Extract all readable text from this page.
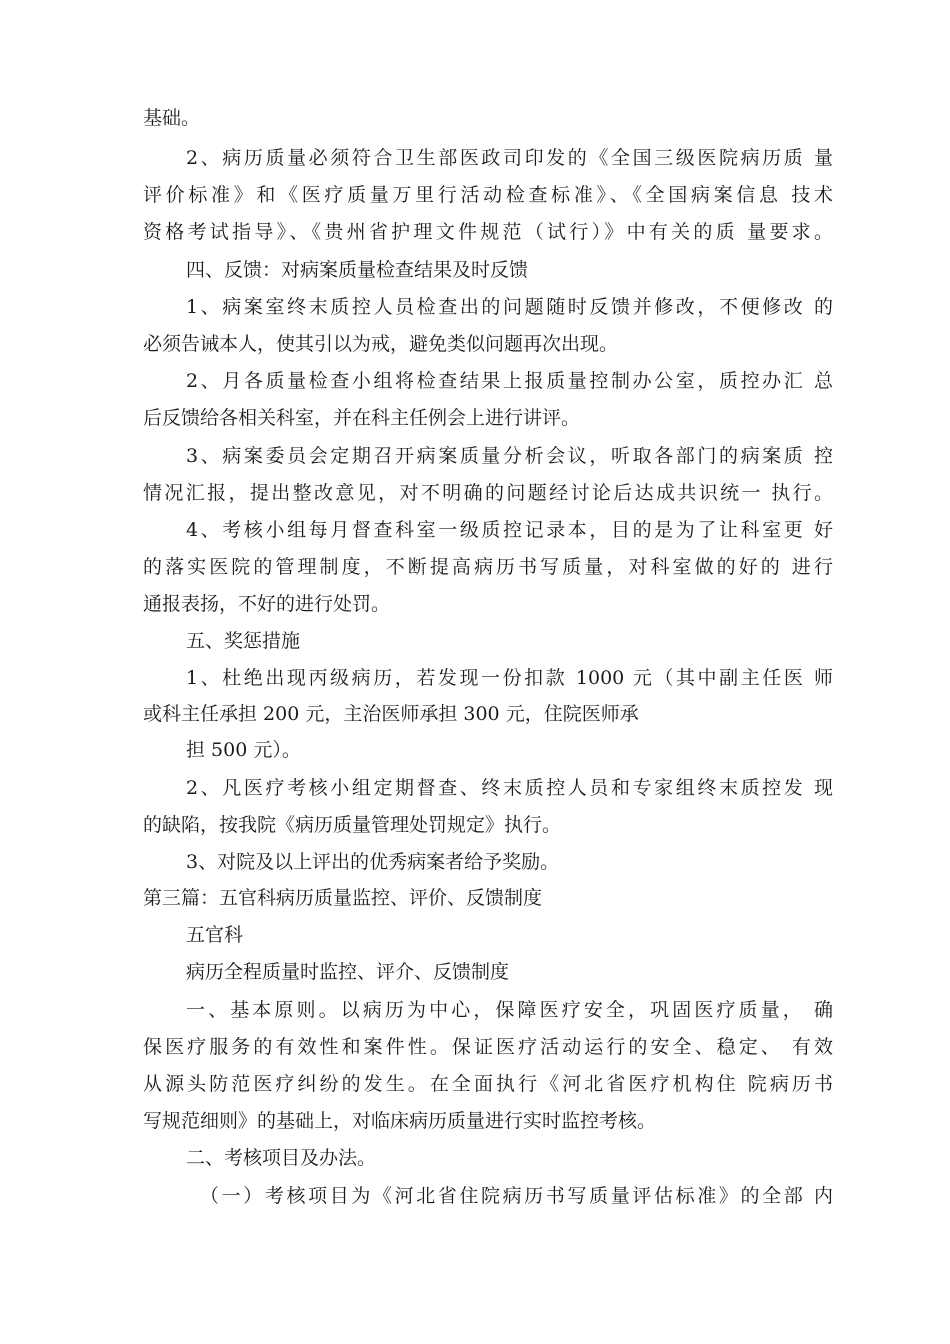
基础。
2、病历质量必须符合卫生部医政司印发的《全国三级医院病历质 量
评价标准》和《医疗质量万里行活动检查标准》、《全国病案信息 技术
资格考试指导》、《贵州省护理文件规范（试行）》中有关的质 量要求。
四、反馈：对病案质量检查结果及时反馈
1、病案室终末质控人员检查出的问题随时反馈并修改，不便修改 的
必须告诫本人，使其引以为戒，避免类似问题再次出现。
2、月各质量检查小组将检查结果上报质量控制办公室，质控办汇 总
后反馈给各相关科室，并在科主任例会上进行讲评。
3、病案委员会定期召开病案质量分析会议，听取各部门的病案质 控
情况汇报，提出整改意见，对不明确的问题经讨论后达成共识统一 执行。
4、考核小组每月督查科室一级质控记录本，目的是为了让科室更 好
的落实医院的管理制度，不断提高病历书写质量，对科室做的好的 进行
通报表扬，不好的进行处罚。
五、奖惩措施
1、杜绝出现丙级病历，若发现一份扣款 1000 元（其中副主任医 师
或科主任承担 200 元，主治医师承担 300 元，住院医师承
担 500 元）。
2、凡医疗考核小组定期督查、终末质控人员和专家组终末质控发 现
的缺陷，按我院《病历质量管理处罚规定》执行。
3、对院及以上评出的优秀病案者给予奖励。
第三篇：五官科病历质量监控、评价、反馈制度
五官科
病历全程质量时监控、评介、反馈制度
一、基本原则。以病历为中心，保障医疗安全，巩固医疗质量， 确
保医疗服务的有效性和案件性。保证医疗活动运行的安全、稳定、 有效
从源头防范医疗纠纷的发生。在全面执行《河北省医疗机构住 院病历书
写规范细则》的基础上，对临床病历质量进行实时监控考核。
二、考核项目及办法。
（一）考核项目为《河北省住院病历书写质量评估标准》的全部 内
